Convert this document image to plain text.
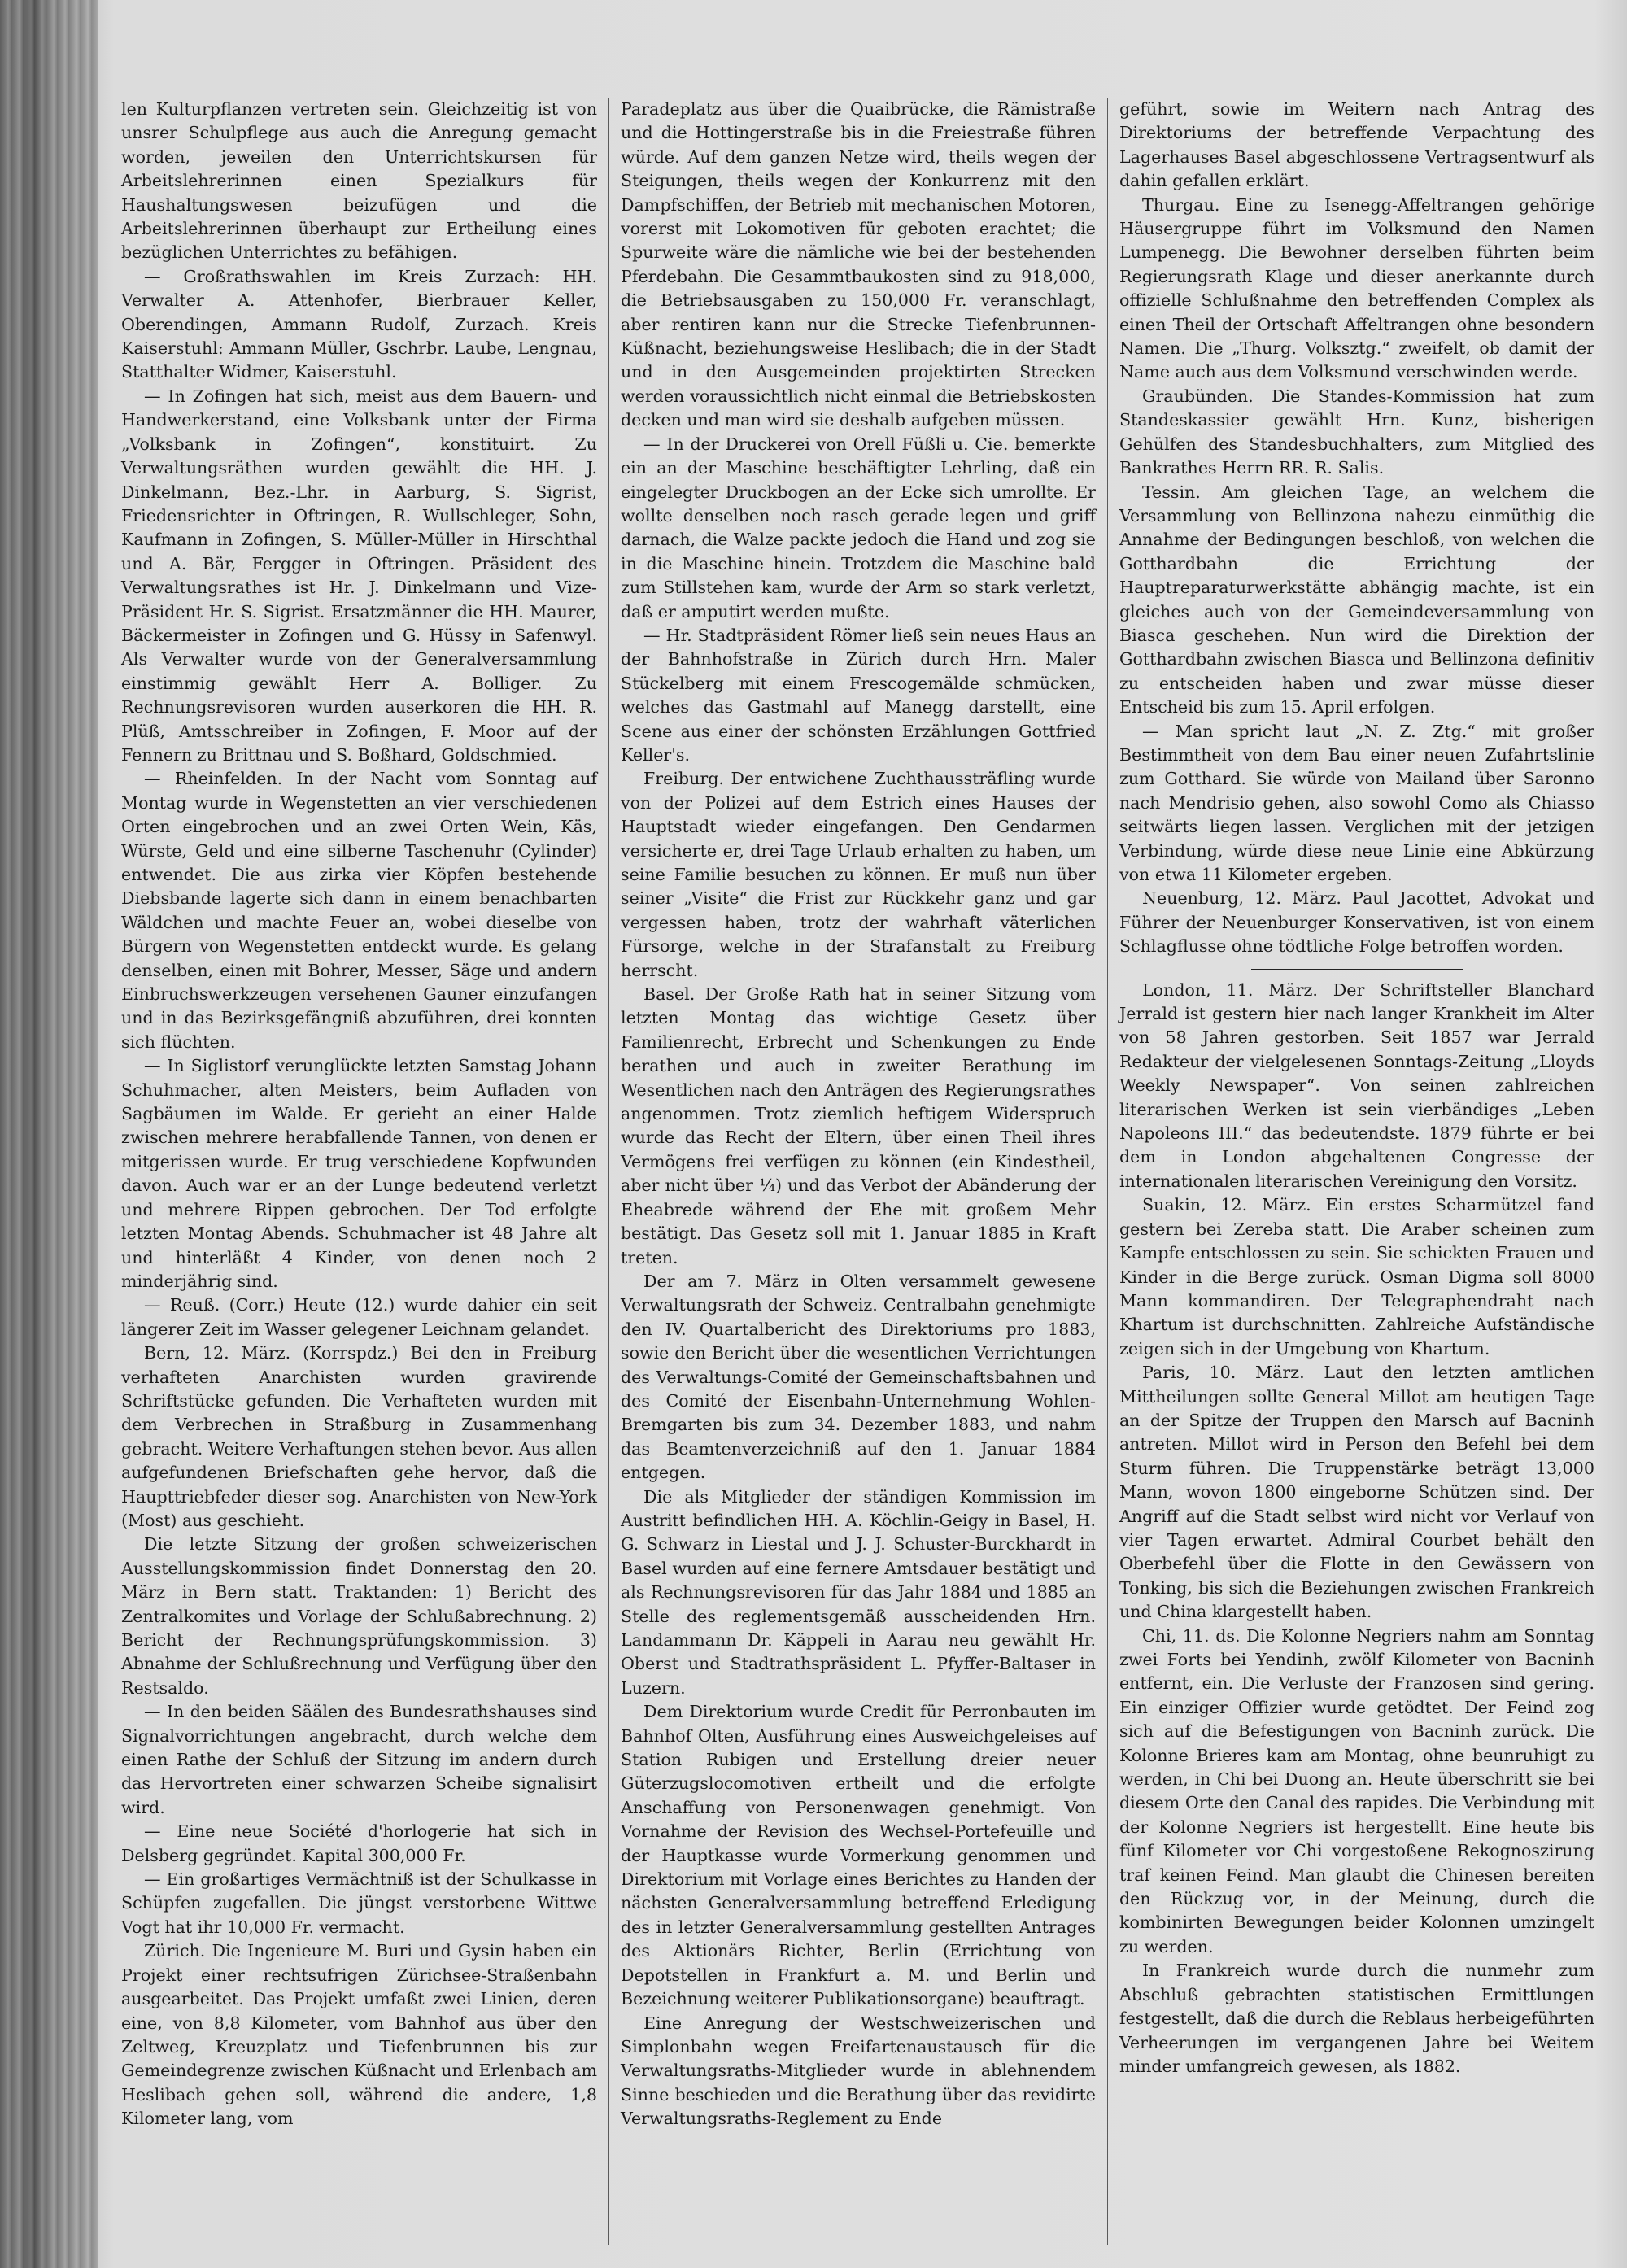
len Kulturpflanzen vertreten sein. Gleichzeitig ist von unsrer Schulpflege aus auch die Anregung gemacht worden, jeweilen den Unterrichtskursen für Arbeitslehrerinnen einen Spezialkurs für Haushaltungswesen beizufügen und die Arbeitslehrerinnen überhaupt zur Ertheilung eines bezüglichen Unterrichtes zu befähigen.

— Großrathswahlen im Kreis Zurzach: HH. Verwalter A. Attenhofer, Bierbrauer Keller, Oberendingen, Ammann Rudolf, Zurzach. Kreis Kaiserstuhl: Ammann Müller, Gschrbr. Laube, Lengnau, Statthalter Widmer, Kaiserstuhl.

— In Zofingen hat sich, meist aus dem Bauern- und Handwerkerstand, eine Volksbank unter der Firma „Volksbank in Zofingen“, konstituirt. Zu Verwaltungsräthen wurden gewählt die HH. J. Dinkelmann, Bez.-Lhr. in Aarburg, S. Sigrist, Friedensrichter in Oftringen, R. Wullschleger, Sohn, Kaufmann in Zofingen, S. Müller-Müller in Hirschthal und A. Bär, Fergger in Oftringen. Präsident des Verwaltungsrathes ist Hr. J. Dinkelmann und Vize-Präsident Hr. S. Sigrist. Ersatzmänner die HH. Maurer, Bäckermeister in Zofingen und G. Hüssy in Safenwyl. Als Verwalter wurde von der Generalversammlung einstimmig gewählt Herr A. Bolliger. Zu Rechnungsrevisoren wurden auserkoren die HH. R. Plüß, Amtsschreiber in Zofingen, F. Moor auf der Fennern zu Brittnau und S. Boßhard, Goldschmied.

— Rheinfelden. In der Nacht vom Sonntag auf Montag wurde in Wegenstetten an vier verschiedenen Orten eingebrochen und an zwei Orten Wein, Käs, Würste, Geld und eine silberne Taschenuhr (Cylinder) entwendet. Die aus zirka vier Köpfen bestehende Diebsbande lagerte sich dann in einem benachbarten Wäldchen und machte Feuer an, wobei dieselbe von Bürgern von Wegenstetten entdeckt wurde. Es gelang denselben, einen mit Bohrer, Messer, Säge und andern Einbruchswerkzeugen versehenen Gauner einzufangen und in das Bezirksgefängniß abzuführen, drei konnten sich flüchten.

— In Siglistorf verunglückte letzten Samstag Johann Schuhmacher, alten Meisters, beim Aufladen von Sagbäumen im Walde. Er gerieht an einer Halde zwischen mehrere herabfallende Tannen, von denen er mitgerissen wurde. Er trug verschiedene Kopfwunden davon. Auch war er an der Lunge bedeutend verletzt und mehrere Rippen gebrochen. Der Tod erfolgte letzten Montag Abends. Schuhmacher ist 48 Jahre alt und hinterläßt 4 Kinder, von denen noch 2 minderjährig sind.

— Reuß. (Corr.) Heute (12.) wurde dahier ein seit längerer Zeit im Wasser gelegener Leichnam gelandet.

Bern, 12. März. (Korrspdz.) Bei den in Freiburg verhafteten Anarchisten wurden gravirende Schriftstücke gefunden. Die Verhafteten wurden mit dem Verbrechen in Straßburg in Zusammenhang gebracht. Weitere Verhaftungen stehen bevor. Aus allen aufgefundenen Briefschaften gehe hervor, daß die Haupttriebfeder dieser sog. Anarchisten von New-York (Most) aus geschieht.

Die letzte Sitzung der großen schweizerischen Ausstellungskommission findet Donnerstag den 20. März in Bern statt. Traktanden: 1) Bericht des Zentralkomites und Vorlage der Schlußabrechnung. 2) Bericht der Rechnungsprüfungskommission. 3) Abnahme der Schlußrechnung und Verfügung über den Restsaldo.

— In den beiden Säälen des Bundesrathshauses sind Signalvorrichtungen angebracht, durch welche dem einen Rathe der Schluß der Sitzung im andern durch das Hervortreten einer schwarzen Scheibe signalisirt wird.

— Eine neue Société d'horlogerie hat sich in Delsberg gegründet. Kapital 300,000 Fr.

— Ein großartiges Vermächtniß ist der Schulkasse in Schüpfen zugefallen. Die jüngst verstorbene Wittwe Vogt hat ihr 10,000 Fr. vermacht.

Zürich. Die Ingenieure M. Buri und Gysin haben ein Projekt einer rechtsufrigen Zürichsee-Straßenbahn ausgearbeitet. Das Projekt umfaßt zwei Linien, deren eine, von 8,8 Kilometer, vom Bahnhof aus über den Zeltweg, Kreuzplatz und Tiefenbrunnen bis zur Gemeindegrenze zwischen Küßnacht und Erlenbach am Heslibach gehen soll, während die andere, 1,8 Kilometer lang, vom

Paradeplatz aus über die Quaibrücke, die Rämistraße und die Hottingerstraße bis in die Freiestraße führen würde. Auf dem ganzen Netze wird, theils wegen der Steigungen, theils wegen der Konkurrenz mit den Dampfschiffen, der Betrieb mit mechanischen Motoren, vorerst mit Lokomotiven für geboten erachtet; die Spurweite wäre die nämliche wie bei der bestehenden Pferdebahn. Die Gesammtbaukosten sind zu 918,000, die Betriebsausgaben zu 150,000 Fr. veranschlagt, aber rentiren kann nur die Strecke Tiefenbrunnen-Küßnacht, beziehungsweise Heslibach; die in der Stadt und in den Ausgemeinden projektirten Strecken werden voraussichtlich nicht einmal die Betriebskosten decken und man wird sie deshalb aufgeben müssen.

— In der Druckerei von Orell Füßli u. Cie. bemerkte ein an der Maschine beschäftigter Lehrling, daß ein eingelegter Druckbogen an der Ecke sich umrollte. Er wollte denselben noch rasch gerade legen und griff darnach, die Walze packte jedoch die Hand und zog sie in die Maschine hinein. Trotzdem die Maschine bald zum Stillstehen kam, wurde der Arm so stark verletzt, daß er amputirt werden mußte.

— Hr. Stadtpräsident Römer ließ sein neues Haus an der Bahnhofstraße in Zürich durch Hrn. Maler Stückelberg mit einem Frescogemälde schmücken, welches das Gastmahl auf Manegg darstellt, eine Scene aus einer der schönsten Erzählungen Gottfried Keller's.

Freiburg. Der entwichene Zuchthaussträfling wurde von der Polizei auf dem Estrich eines Hauses der Hauptstadt wieder eingefangen. Den Gendarmen versicherte er, drei Tage Urlaub erhalten zu haben, um seine Familie besuchen zu können. Er muß nun über seiner „Visite“ die Frist zur Rückkehr ganz und gar vergessen haben, trotz der wahrhaft väterlichen Fürsorge, welche in der Strafanstalt zu Freiburg herrscht.

Basel. Der Große Rath hat in seiner Sitzung vom letzten Montag das wichtige Gesetz über Familienrecht, Erbrecht und Schenkungen zu Ende berathen und auch in zweiter Berathung im Wesentlichen nach den Anträgen des Regierungsrathes angenommen. Trotz ziemlich heftigem Widerspruch wurde das Recht der Eltern, über einen Theil ihres Vermögens frei verfügen zu können (ein Kindestheil, aber nicht über ¼) und das Verbot der Abänderung der Eheabrede während der Ehe mit großem Mehr bestätigt. Das Gesetz soll mit 1. Januar 1885 in Kraft treten.

Der am 7. März in Olten versammelt gewesene Verwaltungsrath der Schweiz. Centralbahn genehmigte den IV. Quartalbericht des Direktoriums pro 1883, sowie den Bericht über die wesentlichen Verrichtungen des Verwaltungs-Comité der Gemeinschaftsbahnen und des Comité der Eisenbahn-Unternehmung Wohlen-Bremgarten bis zum 34. Dezember 1883, und nahm das Beamtenverzeichniß auf den 1. Januar 1884 entgegen.

Die als Mitglieder der ständigen Kommission im Austritt befindlichen HH. A. Köchlin-Geigy in Basel, H. G. Schwarz in Liestal und J. J. Schuster-Burckhardt in Basel wurden auf eine fernere Amtsdauer bestätigt und als Rechnungsrevisoren für das Jahr 1884 und 1885 an Stelle des reglementsgemäß ausscheidenden Hrn. Landammann Dr. Käppeli in Aarau neu gewählt Hr. Oberst und Stadtrathspräsident L. Pfyffer-Baltaser in Luzern.

Dem Direktorium wurde Credit für Perronbauten im Bahnhof Olten, Ausführung eines Ausweichgeleises auf Station Rubigen und Erstellung dreier neuer Güterzugslocomotiven ertheilt und die erfolgte Anschaffung von Personenwagen genehmigt. Von Vornahme der Revision des Wechsel-Portefeuille und der Hauptkasse wurde Vormerkung genommen und Direktorium mit Vorlage eines Berichtes zu Handen der nächsten Generalversammlung betreffend Erledigung des in letzter Generalversammlung gestellten Antrages des Aktionärs Richter, Berlin (Errichtung von Depotstellen in Frankfurt a. M. und Berlin und Bezeichnung weiterer Publikationsorgane) beauftragt.

Eine Anregung der Westschweizerischen und Simplonbahn wegen Freifartenaustausch für die Verwaltungsraths-Mitglieder wurde in ablehnendem Sinne beschieden und die Berathung über das revidirte Verwaltungsraths-Reglement zu Ende

geführt, sowie im Weitern nach Antrag des Direktoriums der betreffende Verpachtung des Lagerhauses Basel abgeschlossene Vertragsentwurf als dahin gefallen erklärt.

Thurgau. Eine zu Isenegg-Affeltrangen gehörige Häusergruppe führt im Volksmund den Namen Lumpenegg. Die Bewohner derselben führten beim Regierungsrath Klage und dieser anerkannte durch offizielle Schlußnahme den betreffenden Complex als einen Theil der Ortschaft Affeltrangen ohne besondern Namen. Die „Thurg. Volksztg.“ zweifelt, ob damit der Name auch aus dem Volksmund verschwinden werde.

Graubünden. Die Standes-Kommission hat zum Standeskassier gewählt Hrn. Kunz, bisherigen Gehülfen des Standesbuchhalters, zum Mitglied des Bankrathes Herrn RR. R. Salis.

Tessin. Am gleichen Tage, an welchem die Versammlung von Bellinzona nahezu einmüthig die Annahme der Bedingungen beschloß, von welchen die Gotthardbahn die Errichtung der Hauptreparaturwerkstätte abhängig machte, ist ein gleiches auch von der Gemeindeversammlung von Biasca geschehen. Nun wird die Direktion der Gotthardbahn zwischen Biasca und Bellinzona definitiv zu entscheiden haben und zwar müsse dieser Entscheid bis zum 15. April erfolgen.

— Man spricht laut „N. Z. Ztg.“ mit großer Bestimmtheit von dem Bau einer neuen Zufahrtslinie zum Gotthard. Sie würde von Mailand über Saronno nach Mendrisio gehen, also sowohl Como als Chiasso seitwärts liegen lassen. Verglichen mit der jetzigen Verbindung, würde diese neue Linie eine Abkürzung von etwa 11 Kilometer ergeben.

Neuenburg, 12. März. Paul Jacottet, Advokat und Führer der Neuenburger Konservativen, ist von einem Schlagflusse ohne tödtliche Folge betroffen worden.

London, 11. März. Der Schriftsteller Blanchard Jerrald ist gestern hier nach langer Krankheit im Alter von 58 Jahren gestorben. Seit 1857 war Jerrald Redakteur der vielgelesenen Sonntags-Zeitung „Lloyds Weekly Newspaper“. Von seinen zahlreichen literarischen Werken ist sein vierbändiges „Leben Napoleons III.“ das bedeutendste. 1879 führte er bei dem in London abgehaltenen Congresse der internationalen literarischen Vereinigung den Vorsitz.

Suakin, 12. März. Ein erstes Scharmützel fand gestern bei Zereba statt. Die Araber scheinen zum Kampfe entschlossen zu sein. Sie schickten Frauen und Kinder in die Berge zurück. Osman Digma soll 8000 Mann kommandiren. Der Telegraphendraht nach Khartum ist durchschnitten. Zahlreiche Aufständische zeigen sich in der Umgebung von Khartum.

Paris, 10. März. Laut den letzten amtlichen Mittheilungen sollte General Millot am heutigen Tage an der Spitze der Truppen den Marsch auf Bacninh antreten. Millot wird in Person den Befehl bei dem Sturm führen. Die Truppenstärke beträgt 13,000 Mann, wovon 1800 eingeborne Schützen sind. Der Angriff auf die Stadt selbst wird nicht vor Verlauf von vier Tagen erwartet. Admiral Courbet behält den Oberbefehl über die Flotte in den Gewässern von Tonking, bis sich die Beziehungen zwischen Frankreich und China klargestellt haben.

Chi, 11. ds. Die Kolonne Negriers nahm am Sonntag zwei Forts bei Yendinh, zwölf Kilometer von Bacninh entfernt, ein. Die Verluste der Franzosen sind gering. Ein einziger Offizier wurde getödtet. Der Feind zog sich auf die Befestigungen von Bacninh zurück. Die Kolonne Brieres kam am Montag, ohne beunruhigt zu werden, in Chi bei Duong an. Heute überschritt sie bei diesem Orte den Canal des rapides. Die Verbindung mit der Kolonne Negriers ist hergestellt. Eine heute bis fünf Kilometer vor Chi vorgestoßene Rekognoszirung traf keinen Feind. Man glaubt die Chinesen bereiten den Rückzug vor, in der Meinung, durch die kombinirten Bewegungen beider Kolonnen umzingelt zu werden.

In Frankreich wurde durch die nunmehr zum Abschluß gebrachten statistischen Ermittlungen festgestellt, daß die durch die Reblaus herbeigeführten Verheerungen im vergangenen Jahre bei Weitem minder umfangreich gewesen, als 1882.
